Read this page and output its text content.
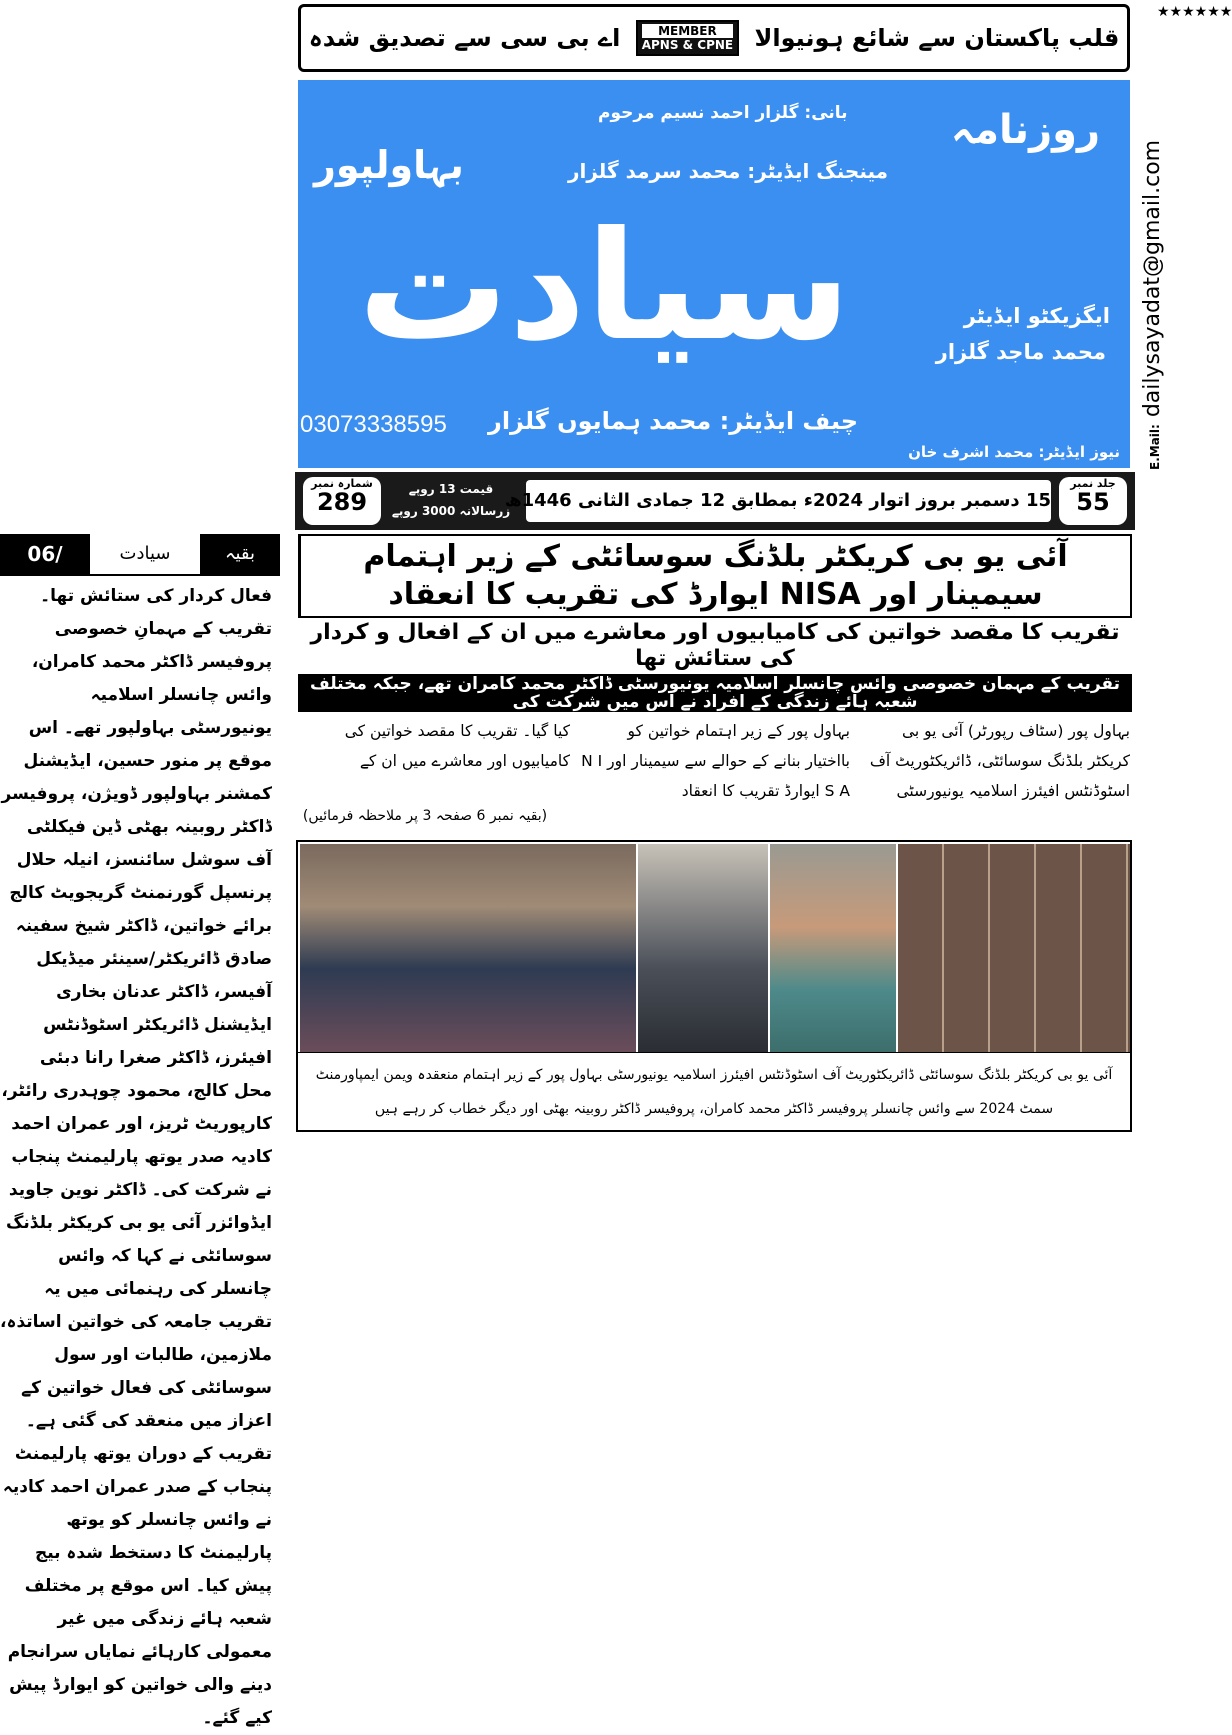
★★★★★★
E.Mail: dailysayadat@gmail.com
اے بی سی سے تصدیق شدہ	MEMBER
APNS & CPNE قلب پاکستان سے شائع ہونیوالا
روزنامہ
بہاولپور
بانی: گلزار احمد نسیم مرحوم
مینجنگ ایڈیٹر: محمد سرمد گلزار
سیادت	ایگزیکٹو ایڈیٹر
محمد ماجد گلزار
چیف ایڈیٹر: محمد ہمایوں گلزار
نیوز ایڈیٹر: محمد اشرف خان
03073338595
جلد نمبر
55
15 دسمبر بروز اتوار 2024ء بمطابق 12 جمادی الثانی 1446ھ
قیمت 13 روپے
زرسالانہ 3000 روپے
شمارہ نمبر
289
آئی یو بی کریکٹر بلڈنگ سوسائٹی کے زیر اہتمام سیمینار اور NISA ایوارڈ کی تقریب کا انعقاد
تقریب کا مقصد خواتین کی کامیابیوں اور معاشرے میں ان کے افعال و کردار کی ستائش تھا
تقریب کے مہمان خصوصی وائس چانسلر اسلامیہ یونیورسٹی ڈاکٹر محمد کامران تھے، جبکہ مختلف شعبہ ہائے زندگی کے افراد نے اس میں شرکت کی
بہاول پور (سٹاف رپورٹر) آئی یو بی کریکٹر بلڈنگ سوسائٹی، ڈائریکٹوریٹ آف اسٹوڈنٹس افیئرز اسلامیہ یونیورسٹی
بہاول پور کے زیر اہتمام خواتین کو بااختیار بنانے کے حوالے سے سیمینار اور N I S A ایوارڈ تقریب کا انعقاد
کیا گیا۔ تقریب کا مقصد خواتین کی کامیابیوں اور معاشرے میں ان کے
(بقیہ نمبر 6 صفحہ 3 پر ملاحظہ فرمائیں)
آئی یو بی کریکٹر بلڈنگ سوسائٹی ڈائریکٹوریٹ آف اسٹوڈنٹس افیئرز اسلامیہ یونیورسٹی بہاول پور کے زیر اہتمام منعقدہ ویمن ایمپاورمنٹ سمٹ 2024 سے وائس چانسلر پروفیسر ڈاکٹر محمد کامران، پروفیسر ڈاکٹر روبینہ بھٹی اور دیگر خطاب کر رہے ہیں
06/	سیادت	بقیہ
فعال کردار کی ستائش تھا۔ تقریب کے مہمانِ خصوصی پروفیسر ڈاکٹر محمد کامران، وائس چانسلر اسلامیہ یونیورسٹی بہاولپور تھے۔ اس موقع پر منور حسین، ایڈیشنل کمشنر بہاولپور ڈویژن، پروفیسر ڈاکٹر روبینہ بھٹی ڈین فیکلٹی آف سوشل سائنسز، انیلہ حلال پرنسپل گورنمنٹ گریجویٹ کالج برائے خواتین، ڈاکٹر شیخ سفینہ صادق ڈائریکٹر/سینئر میڈیکل آفیسر، ڈاکٹر عدنان بخاری ایڈیشنل ڈائریکٹر اسٹوڈنٹس افیئرز، ڈاکٹر صغرا رانا دبئی محل کالج، محمود چوہدری رائٹر، کارپوریٹ ٹریز، اور عمران احمد کادیہ صدر یوتھ پارلیمنٹ پنجاب نے شرکت کی۔ ڈاکٹر نوین جاوید ایڈوائزر آئی یو بی کریکٹر بلڈنگ سوسائٹی نے کہا کہ وائس چانسلر کی رہنمائی میں یہ تقریب جامعہ کی خواتین اساتذہ، ملازمین، طالبات اور سول سوسائٹی کی فعال خواتین کے اعزاز میں منعقد کی گئی ہے۔ تقریب کے دوران یوتھ پارلیمنٹ پنجاب کے صدر عمران احمد کادیہ نے وائس چانسلر کو یوتھ پارلیمنٹ کا دستخط شدہ بیج پیش کیا۔ اس موقع پر مختلف شعبہ ہائے زندگی میں غیر معمولی کارہائے نمایاں سرانجام دینے والی خواتین کو ایوارڈ پیش کیے گئے۔
